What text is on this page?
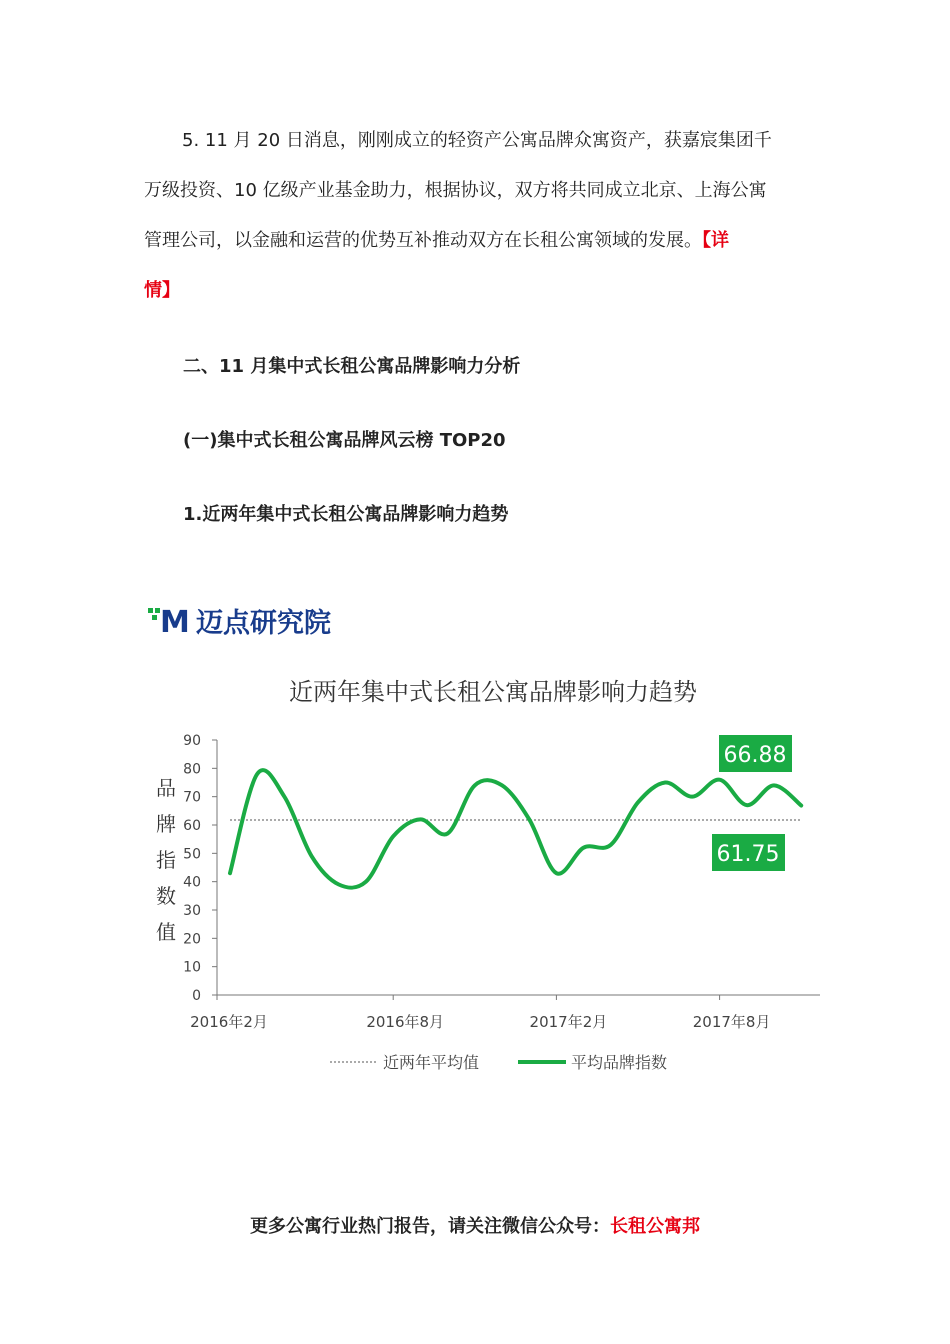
5. 11 月 20 日消息，刚刚成立的轻资产公寓品牌众寓资产，获嘉宸集团千
万级投资、10 亿级产业基金助力，根据协议，双方将共同成立北京、上海公寓
管理公司，以金融和运营的优势互补推动双方在长租公寓领域的发展。【详
情】
二、11 月集中式长租公寓品牌影响力分析
(一)集中式长租公寓品牌风云榜 TOP20
1.近两年集中式长租公寓品牌影响力趋势
M 迈点研究院
近两年集中式长租公寓品牌影响力趋势
品
牌
指
数
值
90
80
70
60
50
40
30
20
10
0
2016年2月	2016年8月	2017年2月	2017年8月
66.88
61.75
近两年平均值	平均品牌指数
更多公寓行业热门报告，请关注微信公众号：长租公寓邦
